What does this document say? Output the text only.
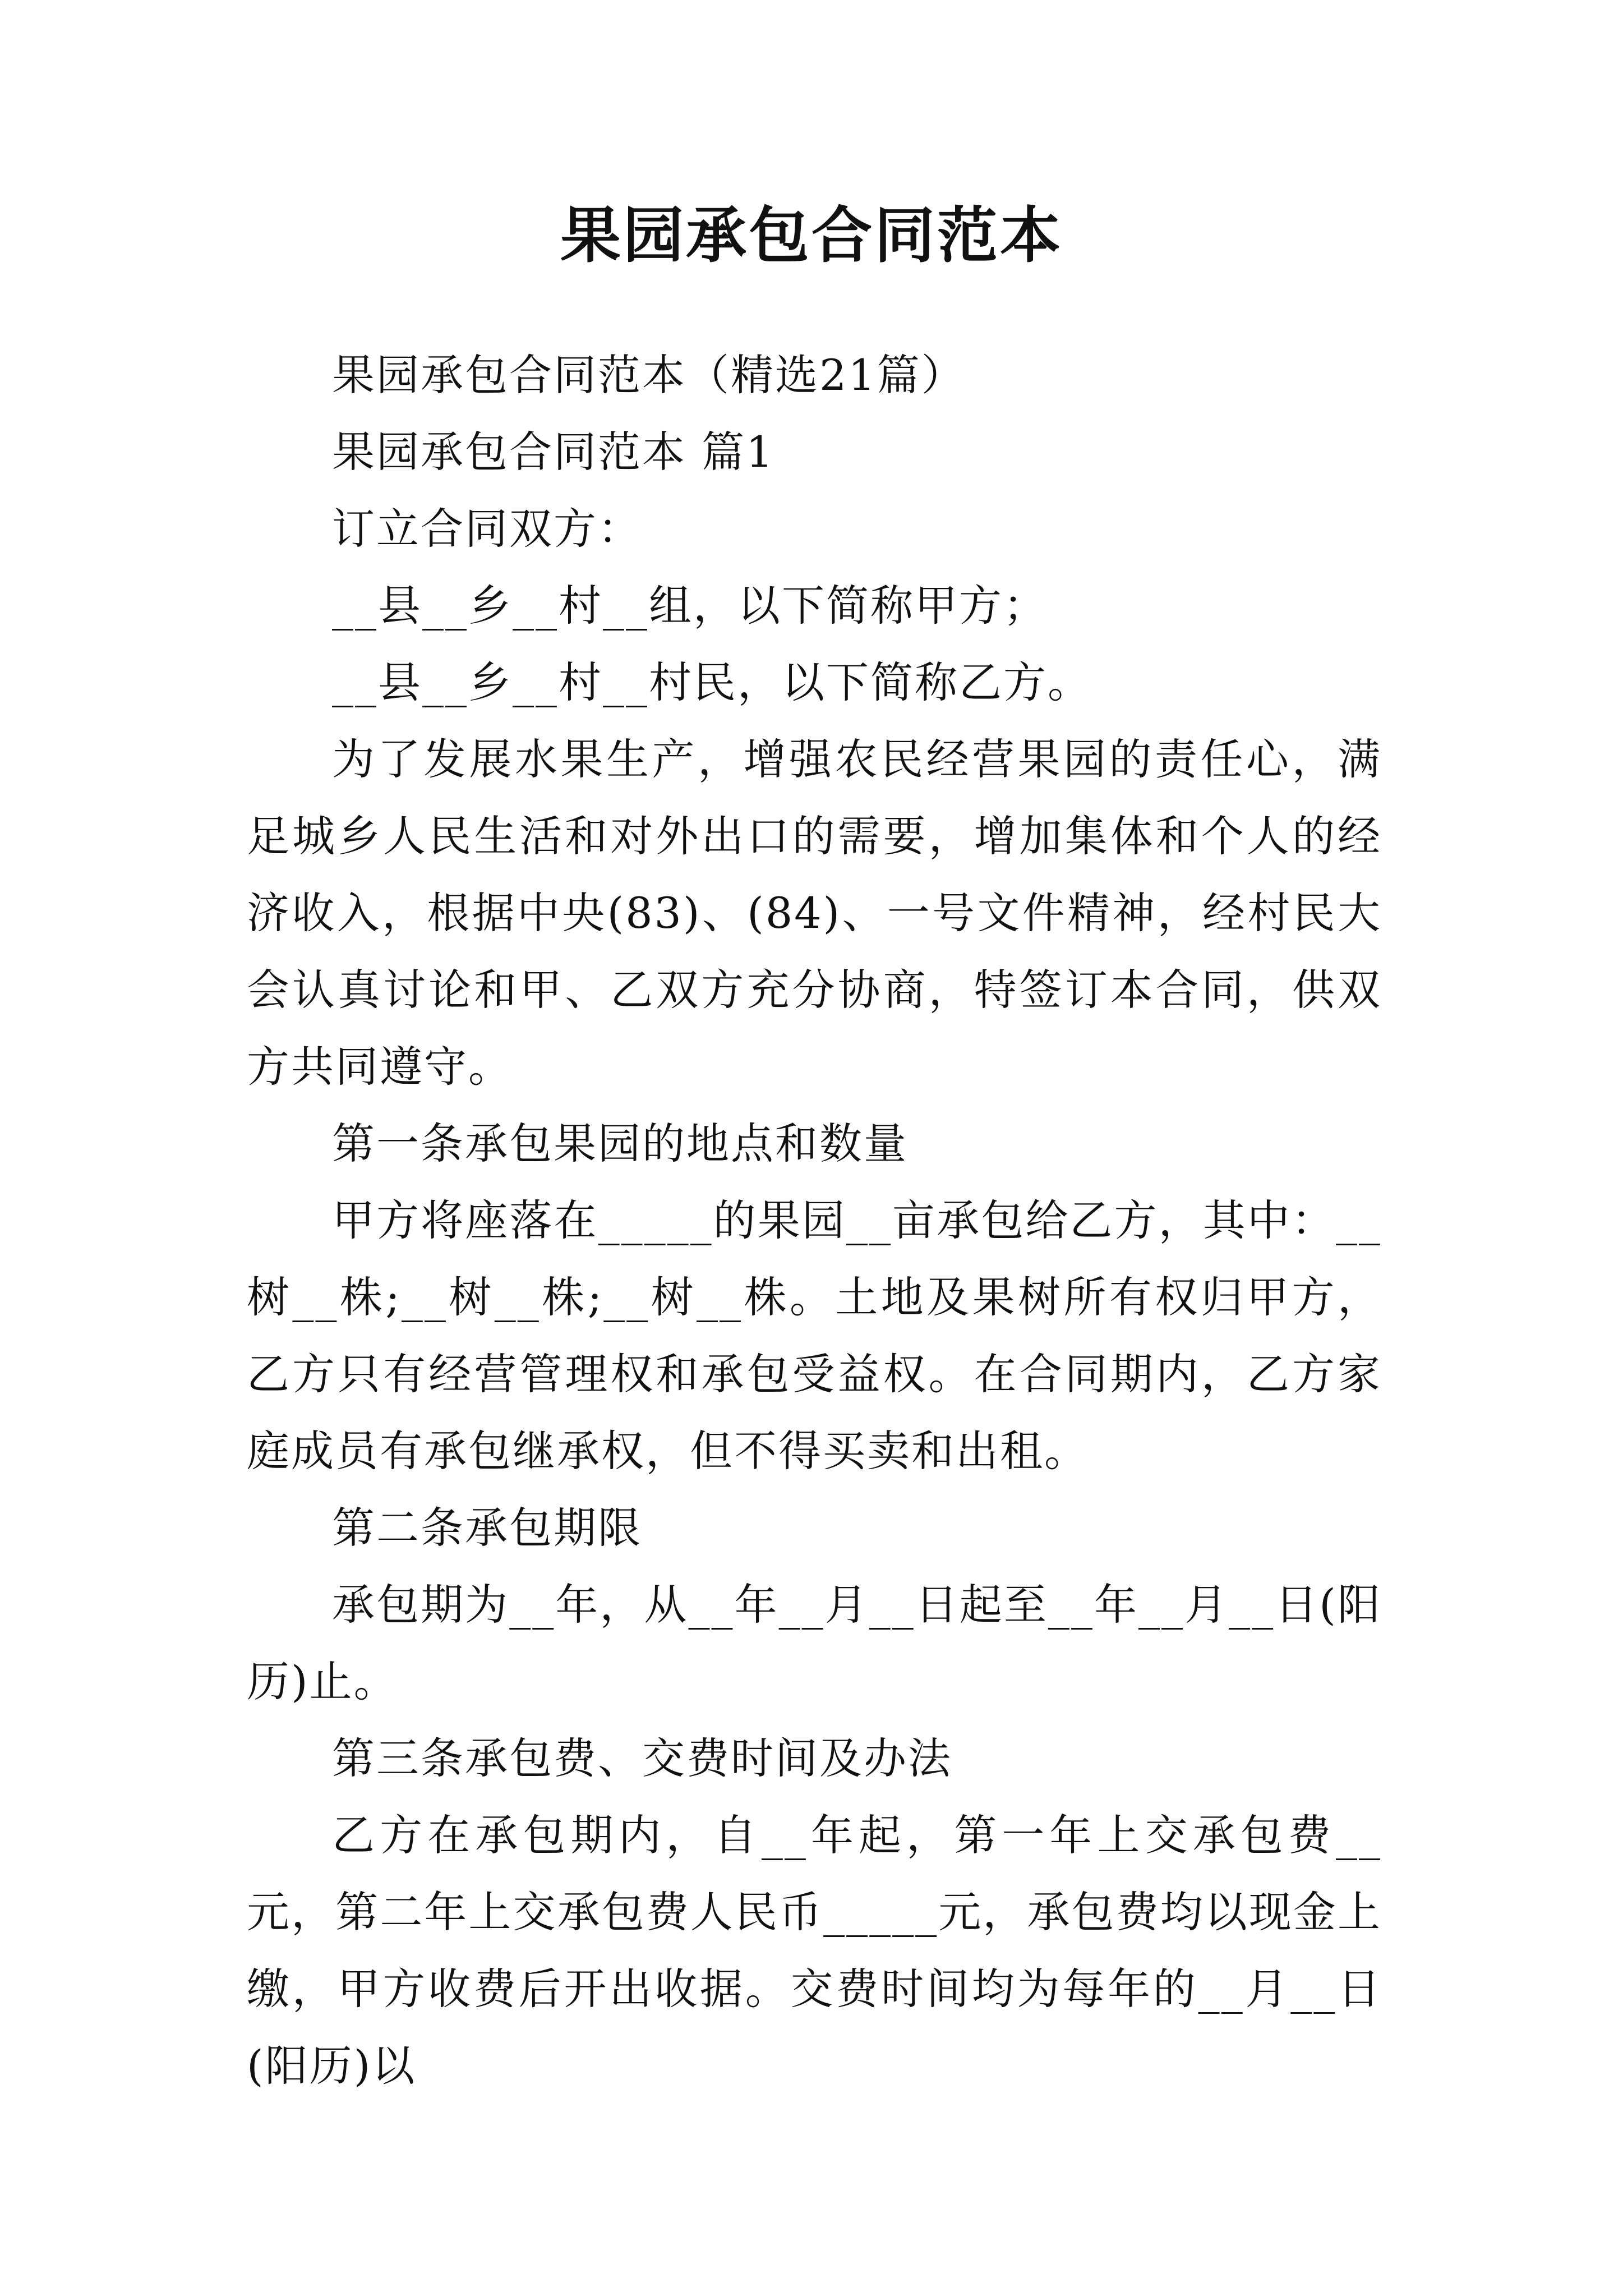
果园承包合同范本

果园承包合同范本（精选21篇）

果园承包合同范本 篇1

订立合同双方：

__县__乡__村__组，以下简称甲方；

__县__乡__村__村民，以下简称乙方。

为了发展水果生产，增强农民经营果园的责任心，满足城乡人民生活和对外出口的需要，增加集体和个人的经济收入，根据中央(83)、(84)、一号文件精神，经村民大会认真讨论和甲、乙双方充分协商，特签订本合同，供双方共同遵守。

第一条承包果园的地点和数量

甲方将座落在_____的果园__亩承包给乙方，其中：__树__株;__树__株;__树__株。土地及果树所有权归甲方，乙方只有经营管理权和承包受益权。在合同期内，乙方家庭成员有承包继承权，但不得买卖和出租。

第二条承包期限

承包期为__年，从__年__月__日起至__年__月__日(阳历)止。

第三条承包费、交费时间及办法

乙方在承包期内，自__年起，第一年上交承包费__元，第二年上交承包费人民币_____元，承包费均以现金上缴，甲方收费后开出收据。交费时间均为每年的__月__日(阳历)以
